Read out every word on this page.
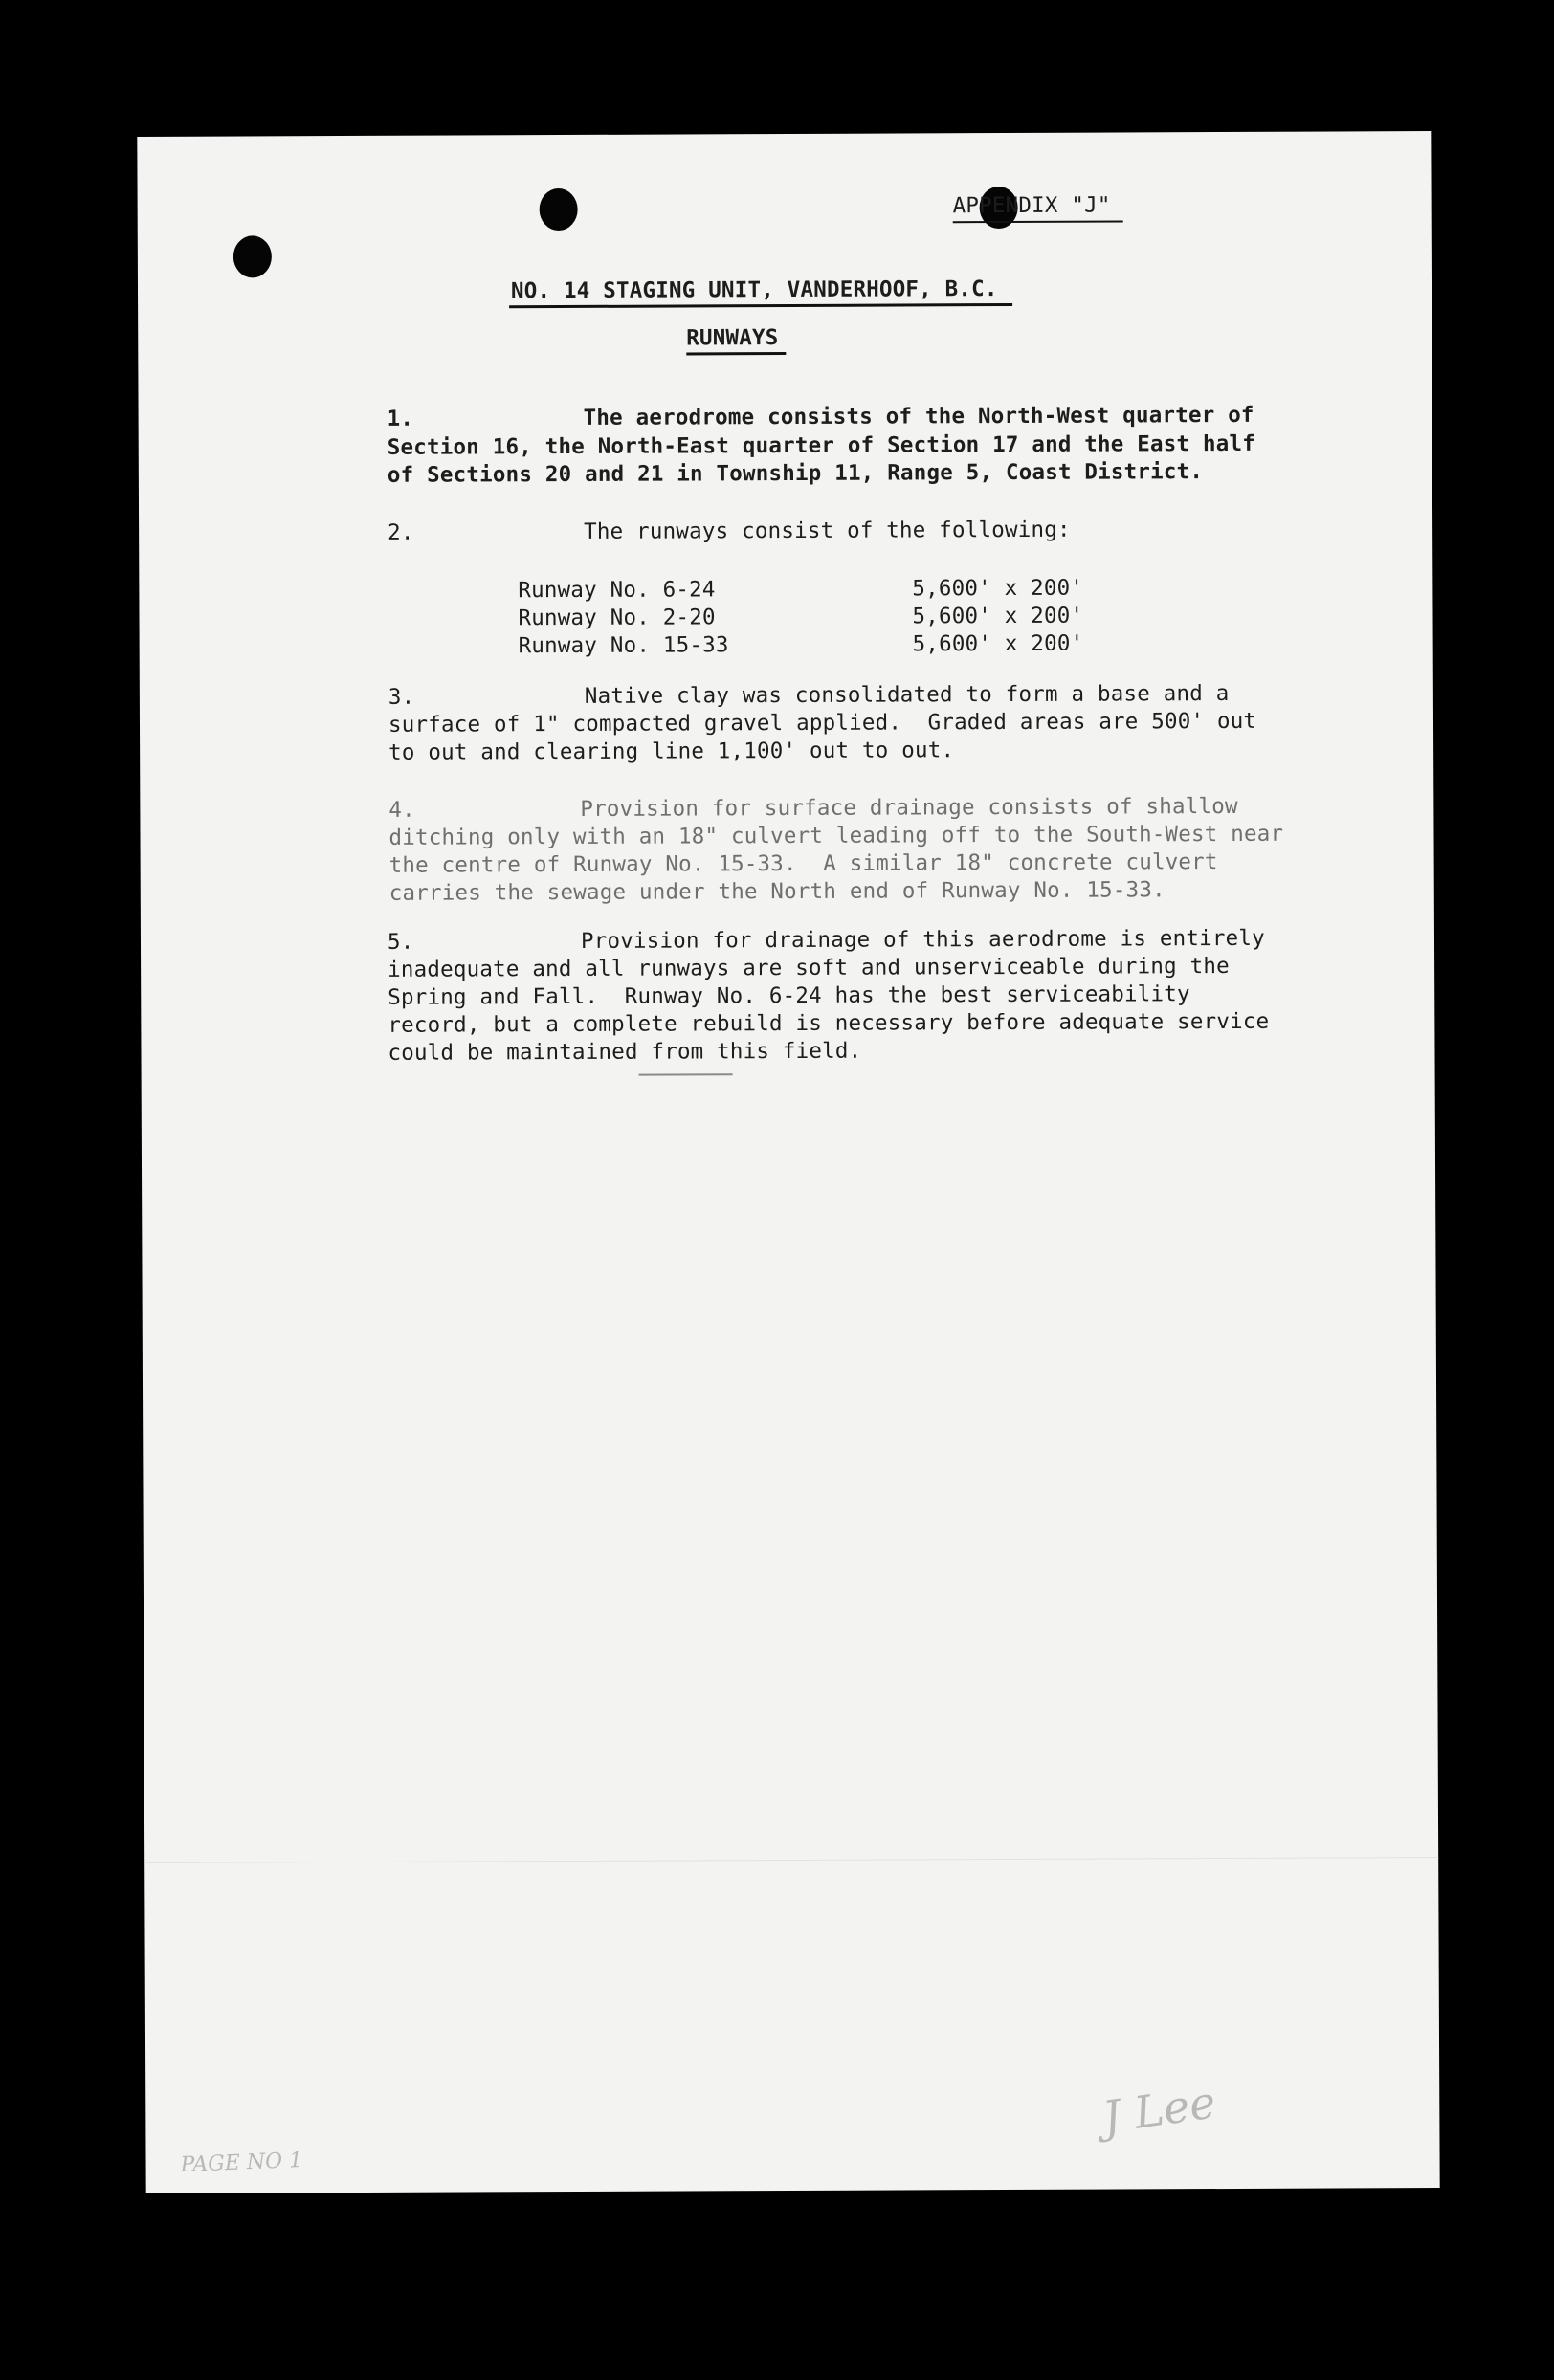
APPENDIX "J"
NO. 14 STAGING UNIT, VANDERHOOF, B.C.
RUNWAYS
1.	The aerodrome consists of the North-West quarter of
Section 16, the North-East quarter of Section 17 and the East half
of Sections 20 and 21 in Township 11, Range 5, Coast District.
2.	The runways consist of the following:
Runway No. 6-24	5,600' x 200'
Runway No. 2-20	5,600' x 200'
Runway No. 15-33	5,600' x 200'
3.	Native clay was consolidated to form a base and a
surface of 1" compacted gravel applied.  Graded areas are 500' out
to out and clearing line 1,100' out to out.
4.	Provision for surface drainage consists of shallow
ditching only with an 18" culvert leading off to the South-West near
the centre of Runway No. 15-33.  A similar 18" concrete culvert
carries the sewage under the North end of Runway No. 15-33.
5.	Provision for drainage of this aerodrome is entirely
inadequate and all runways are soft and unserviceable during the
Spring and Fall.  Runway No. 6-24 has the best serviceability
record, but a complete rebuild is necessary before adequate service
could be maintained from this field.
J Lee
PAGE NO 1
